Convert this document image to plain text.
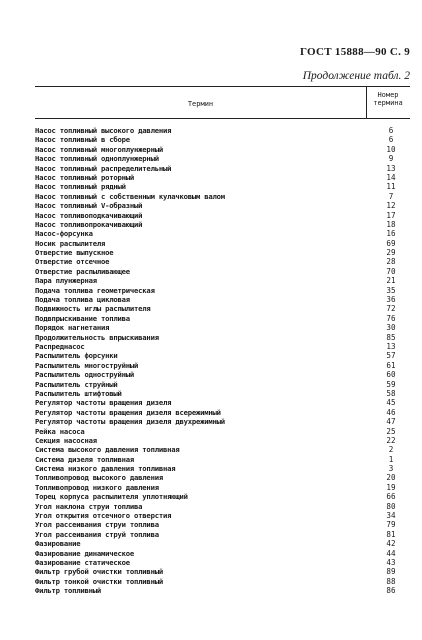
ГОСТ 15888—90 С. 9
Продолжение табл. 2
Термин
Номер
термина
Насос топливный высокого давления	6
Насос топливный в сборе	6
Насос топливный многоплунжерный	10
Насос топливный одноплунжерный	9
Насос топливный распределительный	13
Насос топливный роторный	14
Насос топливный рядный	11
Насос топливный с собственным кулачковым валом	7
Насос топливный V-образный	12
Насос топливоподкачивающий	17
Насос топливопрокачивающий	18
Насос-форсунка	16
Носик распылителя	69
Отверстие выпускное	29
Отверстие отсечное	28
Отверстие распыливающее	70
Пара плунжерная	21
Подача топлива геометрическая	35
Подача топлива цикловая	36
Подвижность иглы распылителя	72
Подвпрыскивание топлива	76
Порядок нагнетания	30
Продолжительность впрыскивания	85
Распреднасос	13
Распылитель форсунки	57
Распылитель многоструйный	61
Распылитель одноструйный	60
Распылитель струйный	59
Распылитель штифтовый	58
Регулятор частоты вращения дизеля	45
Регулятор частоты вращения дизеля всережимный	46
Регулятор частоты вращения дизеля двухрежимный	47
Рейка насоса	25
Секция насосная	22
Система высокого давления топливная	2
Система дизеля топливная	1
Система низкого давления топливная	3
Топливопровод высокого давления	20
Топливопровод низкого давления	19
Торец корпуса распылителя уплотняющий	66
Угол наклона струи топлива	80
Угол открытия отсечного отверстия	34
Угол рассеивания струи топлива	79
Угол рассеивания струй топлива	81
Фазирование	42
Фазирование динамическое	44
Фазирование статическое	43
Фильтр грубой очистки топливный	89
Фильтр тонкой очистки топливный	88
Фильтр топливный	86
